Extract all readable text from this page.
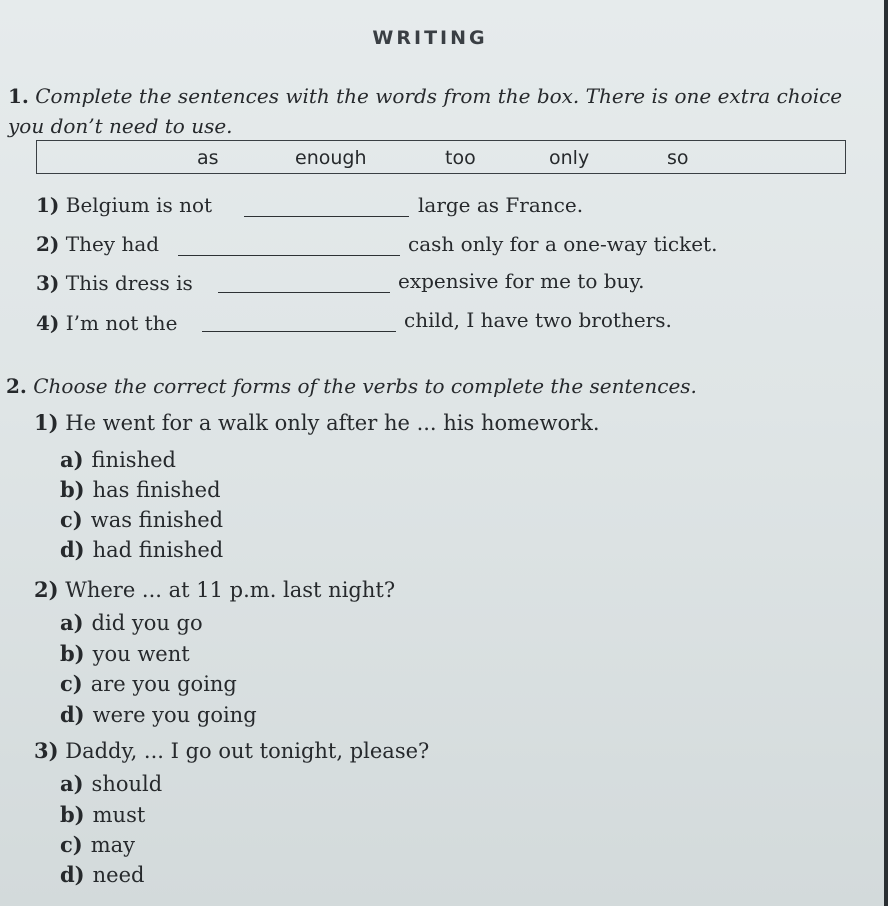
WRITING
1. Complete the sentences with the words from the box. There is one extra choice you don’t need to use.
as	enough	too	only	so
1) Belgium is not	large as France.
2) They had	cash only for a one-way ticket.
3) This dress is	expensive for me to buy.
4) I’m not the	child, I have two brothers.
2. Choose the correct forms of the verbs to complete the sentences.
1) He went for a walk only after he ... his homework.
a) finished
b) has finished
c) was finished
d) had finished
2) Where ... at 11 p.m. last night?
a) did you go
b) you went
c) are you going
d) were you going
3) Daddy, ... I go out tonight, please?
a) should
b) must
c) may
d) need
